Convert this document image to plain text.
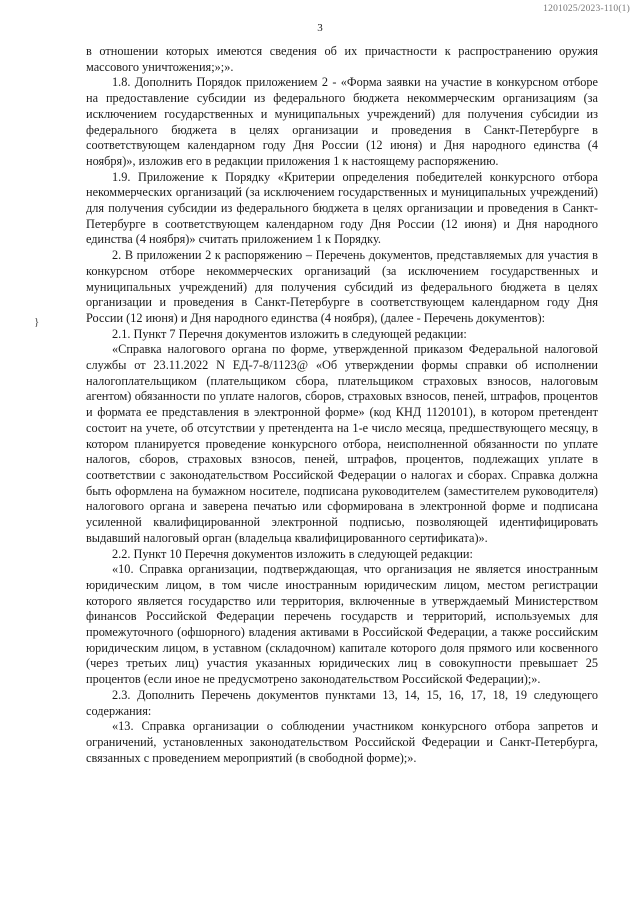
1201025/2023-110(1)
3
}

в отношении которых имеются сведения об их причастности к распространению оружия массового уничтожения;»;».

1.8. Дополнить Порядок приложением 2 - «Форма заявки на участие в конкурсном отборе на предоставление субсидии из федерального бюджета некоммерческим организациям (за исключением государственных и муниципальных учреждений) для получения субсидии из федерального бюджета в целях организации и проведения в Санкт-Петербурге в соответствующем календарном году Дня России (12 июня) и Дня народного единства (4 ноября)», изложив его в редакции приложения 1 к настоящему распоряжению.

1.9. Приложение к Порядку «Критерии определения победителей конкурсного отбора некоммерческих организаций (за исключением государственных и муниципальных учреждений) для получения субсидии из федерального бюджета в целях организации и проведения в Санкт-Петербурге в соответствующем календарном году Дня России (12 июня) и Дня народного единства (4 ноября)» считать приложением 1 к Порядку.

2. В приложении 2 к распоряжению – Перечень документов, представляемых для участия в конкурсном отборе некоммерческих организаций (за исключением государственных и муниципальных учреждений) для получения субсидий из федерального бюджета в целях организации и проведения в Санкт-Петербурге в соответствующем календарном году Дня России (12 июня) и Дня народного единства (4 ноября), (далее - Перечень документов):

2.1. Пункт 7 Перечня документов изложить в следующей редакции:

«Справка налогового органа по форме, утвержденной приказом Федеральной налоговой службы от 23.11.2022 N ЕД-7-8/1123@ «Об утверждении формы справки об исполнении налогоплательщиком (плательщиком сбора, плательщиком страховых взносов, налоговым агентом) обязанности по уплате налогов, сборов, страховых взносов, пеней, штрафов, процентов и формата ее представления в электронной форме» (код КНД 1120101), в котором претендент состоит на учете, об отсутствии у претендента на 1-е число месяца, предшествующего месяцу, в котором планируется проведение конкурсного отбора, неисполненной обязанности по уплате налогов, сборов, страховых взносов, пеней, штрафов, процентов, подлежащих уплате в соответствии с законодательством Российской Федерации о налогах и сборах. Справка должна быть оформлена на бумажном носителе, подписана руководителем (заместителем руководителя) налогового органа и заверена печатью или сформирована в электронной форме и подписана усиленной квалифицированной электронной подписью, позволяющей идентифицировать выдавший налоговый орган (владельца квалифицированного сертификата)».

2.2. Пункт 10 Перечня документов изложить в следующей редакции:

«10. Справка организации, подтверждающая, что организация не является иностранным юридическим лицом, в том числе иностранным юридическим лицом, местом регистрации которого является государство или территория, включенные в утверждаемый Министерством финансов Российской Федерации перечень государств и территорий, используемых для промежуточного (офшорного) владения активами в Российской Федерации, а также российским юридическим лицом, в уставном (складочном) капитале которого доля прямого или косвенного (через третьих лиц) участия указанных юридических лиц в совокупности превышает 25 процентов (если иное не предусмотрено законодательством Российской Федерации);».

2.3. Дополнить Перечень документов пунктами 13, 14, 15, 16, 17, 18, 19 следующего содержания:

«13. Справка организации о соблюдении участником конкурсного отбора запретов и ограничений, установленных законодательством Российской Федерации и Санкт-Петербурга, связанных с проведением мероприятий (в свободной форме);».
